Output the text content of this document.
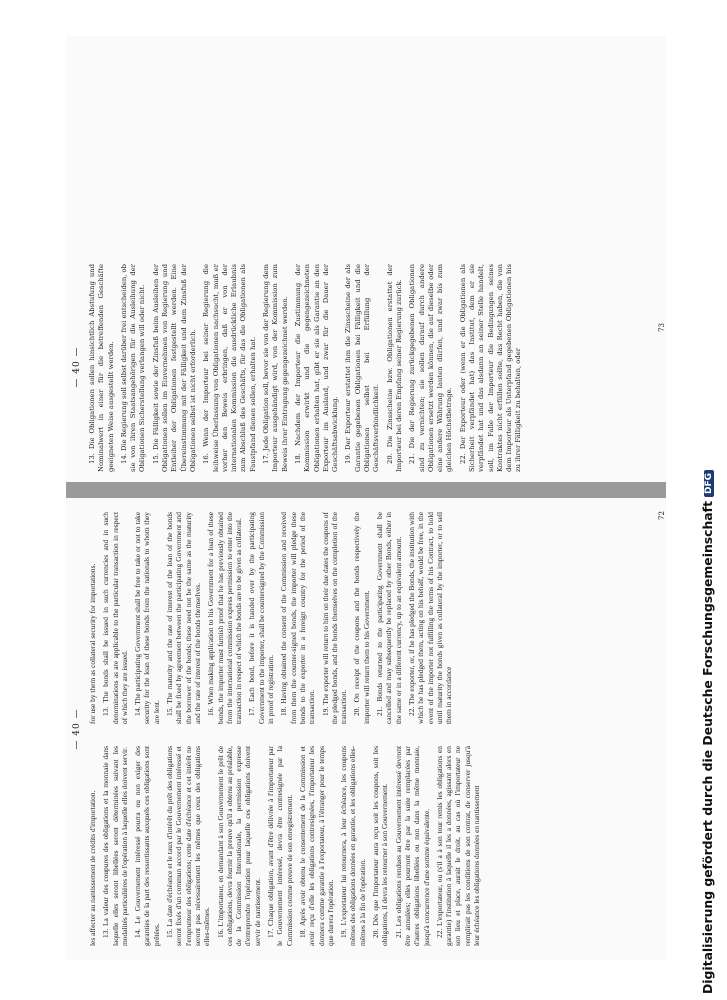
— 40 —

les affecter au nantissement de crédits d'importation. 13. La valeur des coupures des obligations et la monnaie dans laquelle elles seront libellées seront déterminées suivant les modalités particulières de l'opération à laquelle elles doivent servir. 14. Le Gouvernement intéressé pourra ou non exiger des garanties de la part des ressortissants auxquels ces obligations sont prêtées. 15. La date d'échéance et le taux d'intérêt du prêt des obligations seront fixés d'un commun accord par le Gouvernement intéressé et l'emprunteur des obligations; cette date d'échéance et cet intérêt ne seront pas nécessairement les mêmes que ceux des obligations elles-mêmes. 16. L'importateur, en demandant à son Gouvernement le prêt de ces obligations, devra fournir la preuve qu'il a obtenu au préalable, de la Commission Internationale, la permission expresse d'entreprendre l'opération pour laquelle ces obligations doivent servir de nantissement. 17. Chaque obligation, avant d'être délivrée à l'importateur par le Gouvernement intéressé, devra être contresignée par la Commission comme preuve de son enregistrement. 18. Après avoir obtenu le consentement de la Commission et avoir reçu d'elle les obligations contresignées, l'importateur les donnera comme garantie à l'exportateur, à l'étranger pour le temps que durera l'opération. 19. L'exportateur lui retournera, à leur échéance, les coupons mêmes des obligations données en garantie, et les obligations elles-mêmes à la fin de l'opération. 20. Dès que l'importateur aura reçu soit les coupons, soit les obligations, il devra les retourner à son Gouvernement. 21. Les obligations rendues au Gouvernement intéressé devront être annulées; elles pourront être par la suite remplacées par d'autres obligations libellées ou non dans la même monnaie, jusqu'à concurrence d'une somme équivalente. 22. L'exportateur, ou (s'il a à son tour remis les obligations en garantie) l'institution à laquelle il les a données, agissant alors en son lieu et place, aurait le droit, au cas où l'importateur ne remplirait pas les conditions de son contrat, de conserver jusqu'à leur échéance les obligations données en nantissement

for use by them as collateral security for importations. 13. The bonds shall be issued in such currencies and in such denominations as are applicable to the particular transaction in respect of which they are issued. 14. The participating Government shall be free to take or not to take security for the loan of these bonds from the nationals to whom they are lent. 15. The maturity and the rate of interest of the loan of the bonds shall be fixed by agreement between the participating Government and the borrower of the bonds; these need not be the same as the maturity and the rate of interest of the bonds themselves. 16. When making application to his Government for a loan of these bonds, the importer must furnish proof that he has previously obtained from the international commission express permission to enter into the transaction in respect of which the bonds are to be given as collateral. 17. Each bond, before it is handed over by the participating Government to the importer, shall be countersigned by the Commission in proof of registration. 18. Having obtained the consent of the Commission and received from them the counter-signed bonds, the importer will pledge these bonds to the exporter in a foreign country for the period of the transaction. 19. The exporter will return to him on their due dates the coupons of the pledged bonds, and the bonds themselves on the completion of the transaction. 20. On receipt of the coupons and the bonds respectively the importer will return them to his Government. 21. Bonds returned to the participating Government shall be cancelled and may subsequently be replaced by other Bonds, either in the same or in a different currency, up to an equivalent amount. 22. The exporter, or, if he has pledged the Bonds, the institution with which he has pledged them, acting on his behalf, would be free, in the event of the importer not fulfilling the terms of his Contract, to hold until maturity the bonds given as collateral by the importer, or to sell them in accordance

72
— 40 — 13. Die Obligationen sollen hinsichtlich Abstufung und Nominalwert in einer für die betreffenden Geschäfte geeigneten Weise ausgestellt werden. 14. Die Regierung soll selbst darüber frei entscheiden, ob sie von ihren Staatsangehörigen für die Ausleihung der Obligationen Sicherstellung verlangen will oder nicht. 15. Die Fälligkeit sowie der Zinsfuß beim Ausleihen der Obligationen sollen im Einvernehmen von Regierung und Entleiher der Obligationen festgestellt werden. Eine Übereinstimmung mit der Fälligkeit und dem Zinsfuß der Obligationen selbst ist nicht erforderlich. 16. Wenn der Importeur bei seiner Regierung die leihweise Überlassung von Obligationen nachsucht, muß er vorher den Beweis erbringen, daß er von der internationalen Kommission die ausdrückliche Erlaubnis zum Abschluß des Geschäfts, für das die Obligationen als Faustpfand dienen sollen, erhalten hat. 17. Jede Obligation soll, bevor sie von der Regierung dem Importeur ausgehändigt wird, von der Kommission zum Beweis ihrer Eintragung gegengezeichnet werden. 18. Nachdem der Importeur die Zustimmung der Kommission erwirkt und die gegengezeichneten Obligationen erhalten hat, gibt er sie als Garantie an den Exporteur im Ausland, und zwar für die Dauer der Geschäftsabwicklung. 19. Der Exporteur erstattet ihm die Zinsscheine der als Garantie gegebenen Obligationen bei Fälligkeit und die Obligationen selbst bei Erfüllung der Geschäftsverbindlichkeit. 20. Die Zinsscheine bzw. Obligationen erstattet der Importeur bei deren Empfang seiner Regierung zurück. 21. Die der Regierung zurückgegebenen Obligationen sind zu vernichten; sie sollen darauf durch andere Obligationen ersetzt werden können, die auf dieselbe oder eine andere Währung lauten dürfen, und zwar bis zum gleichen Höchstbetrage. 22. Der Exporteur oder (wenn er die Obligationen als Sicherheit verpfändet hat) das Institut, dem er sie verpfändet hat und das alsdann an seiner Stelle handelt, soll, im Falle der Importeur die Bedingungen seines Kontraktes nicht erfüllen sollte, das Recht haben, die von dem Importeur als Unterpfand gegebenen Obligationen bis zu ihrer Fälligkeit zu behalten, oder

73
Digitalisierung gefördert durch die Deutsche ForschungsgemeinschaftDFG
